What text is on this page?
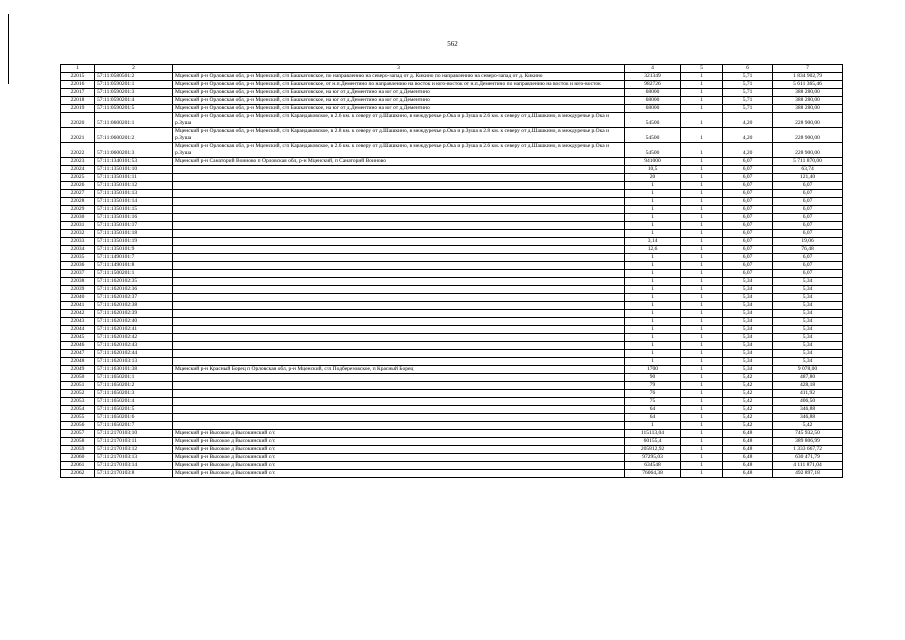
562
1	2	3	4	5	6	7
22015	57:11:0580501:2	Мценский р-н Орловская обл, р-н Мценский, с/п Башкатовское, по направлению на северо-запад от д. Кикино по направлению на северо-запад от д. Кикино	321349	1	5,71	1 834 902,79
22016	57:11:0590201:1	Мценский р-н Орловская обл, р-н Мценский, с/п Башкатовское, от н.п.Дементино по направлению на восток и юго-восток от н.п.Дементино по направлению на восток и юго-восток	982726	1	5,71	5 611 365,46
22017	57:11:0590201:3	Мценский р-н Орловская обл, р-н Мценский, с/п Башкатовское, на юг от д.Дементино на юг от д.Дементино	68000	1	5,71	388 280,00
22018	57:11:0590201:4	Мценский р-н Орловская обл, р-н Мценский, с/п Башкатовское, на юг от д.Дементино на юг от д.Дементино	68000	1	5,71	388 280,00
22019	57:11:0590201:5	Мценский р-н Орловская обл, р-н Мценский, с/п Башкатовское, на юг от д.Дементино на юг от д.Дементино	68000	1	5,71	388 280,00
22020	57:11:0600201:1	Мценский р-н Орловская обл, р-н Мценский, с/п Карандаковское, в 2.6 км. к северу от д.Шашкино, в междуречье р.Ока и р.Зуша в 2.6 км. к северу от д.Шашкино, в междуречье р.Ока и р.Зуша	54500	1	4,20	228 900,00
22021	57:11:0600201:2	Мценский р-н Орловская обл, р-н Мценский, с/п Карандаковское, в 2.8 км. к северу от д.Шашкино, в междуречье р.Ока и р.Зуша в 2.8 км. к северу от д.Шашкино, в междуречье р.Ока и р.Зуша	54500	1	4,20	228 900,00
22022	57:11:0600201:3	Мценский р-н Орловская обл, р-н Мценский, с/п Карандаковское, в 2.6 км. к северу от д.Шашкино, в междуречье р.Ока и р.Зуша в 2.6 км. к северу от д.Шашкино, в междуречье р.Ока и р.Зуша	54500	1	4,20	228 900,00
22023	57:11:1340101:53	Мценский р-н Санаторий Воиново п Орловская обл, р-н Мценский, п Санаторий Воиново	941000	1	6,07	5 711 870,00
22024	57:11:1350101:10		10,5	1	6,07	63,74
22025	57:11:1350101:11		20	1	6,07	121,40
22026	57:11:1350101:12		1	1	6,07	6,07
22027	57:11:1350101:13		1	1	6,07	6,07
22028	57:11:1350101:14		1	1	6,07	6,07
22029	57:11:1350101:15		1	1	6,07	6,07
22030	57:11:1350101:16		1	1	6,07	6,07
22031	57:11:1350101:17		1	1	6,07	6,07
22032	57:11:1350101:18		1	1	6,07	6,07
22033	57:11:1350101:19		3,14	1	6,07	19,06
22034	57:11:1350101:9		12,6	1	6,07	76,48
22035	57:11:1490101:7		1	1	6,07	6,07
22036	57:11:1490101:8		1	1	6,07	6,07
22037	57:11:1500201:1		1	1	6,07	6,07
22038	57:11:1620102:35		1	1	5,34	5,34
22039	57:11:1620102:36		1	1	5,34	5,34
22040	57:11:1620102:37		1	1	5,34	5,34
22041	57:11:1620102:38		1	1	5,34	5,34
22042	57:11:1620102:39		1	1	5,34	5,34
22043	57:11:1620102:40		1	1	5,34	5,34
22044	57:11:1620102:41		1	1	5,34	5,34
22045	57:11:1620102:42		1	1	5,34	5,34
22046	57:11:1620102:43		1	1	5,34	5,34
22047	57:11:1620102:44		1	1	5,34	5,34
22048	57:11:1620103:13		1	1	5,34	5,34
22049	57:11:1630101:38	Мценский р-н Красный Борец п Орловская обл, р-н Мценский, с/п Подберезовское, п Красный Борец	1700	1	5,34	9 078,00
22050	57:11:1650201:1		90	1	5,42	487,80
22051	57:11:1650201:2		79	1	5,42	428,18
22052	57:11:1650201:3		76	1	5,42	411,92
22053	57:11:1650201:4		75	1	5,42	406,50
22054	57:11:1650201:5		64	1	5,42	346,88
22055	57:11:1650201:6		64	1	5,42	346,88
22056	57:11:1650201:7		1	1	5,42	5,42
22057	57:11:2170103:10	Мценский р-н Высокое д Высокинский с/с	115113,04	1	6,48	745 932,50
22058	57:11:2170103:11	Мценский р-н Высокое д Высокинский с/с	60155,4	1	6,48	389 806,99
22059	57:11:2170103:12	Мценский р-н Высокое д Высокинский с/с	205812,92	1	6,48	1 333 667,72
22060	57:11:2170103:13	Мценский р-н Высокое д Высокинский с/с	97295,03	1	6,48	630 471,79
22061	57:11:2170103:14	Мценский р-н Высокое д Высокинский с/с	634548	1	6,48	4 111 871,04
22062	57:11:2170103:8	Мценский р-н Высокое д Высокинский с/с	76064,38	1	6,48	492 897,18
